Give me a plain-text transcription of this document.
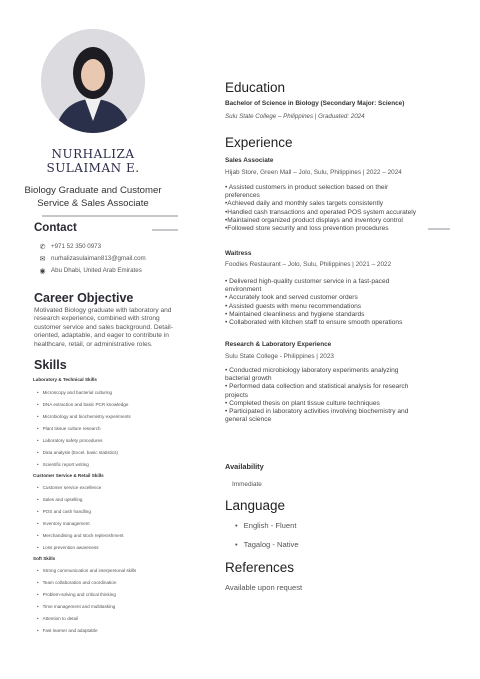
NURHALIZA
SULAIMAN E.
Biology Graduate and Customer
Service & Sales Associate
Contact
✆ +971 52 350 0973
✉ nurhalizasulaiman813@gmail.com
◉ Abu Dhabi, United Arab Emirates
Career Objective
Motivated Biology graduate with laboratory and
research experience, combined with strong
customer service and sales background. Detail-
oriented, adaptable, and eager to contribute in
healthcare, retail, or administrative roles.
Skills
Laboratory & Technical Skills
• Microscopy and bacterial culturing
• DNA extraction and basic PCR knowledge
• Microbiology and biochemistry experiments
• Plant tissue culture research
• Laboratory safety procedures
• Data analysis (Excel, basic statistics)
• Scientific report writing
Customer Service & Retail Skills
• Customer service excellence
• Sales and upselling
• POS and cash handling
• Inventory management
• Merchandising and stock replenishment
• Loss prevention awareness
Soft Skills
• Strong communication and interpersonal skills
• Team collaboration and coordination
• Problem-solving and critical thinking
• Time management and multitasking
• Attention to detail
• Fast learner and adaptable
Education
Bachelor of Science in Biology (Secondary Major: Science)
Sulu State College – Philippines | Graduated: 2024
Experience
Sales Associate
Hijab Store, Green Mall – Jolo, Sulu, Philippines | 2022 – 2024
• Assisted customers in product selection based on their
preferences
•Achieved daily and monthly sales targets consistently
•Handled cash transactions and operated POS system accurately
•Maintained organized product displays and inventory control
•Followed store security and loss prevention procedures
Waitress
Foodies Restaurant – Jolo, Sulu, Philippines | 2021 – 2022
• Delivered high-quality customer service in a fast-paced
environment
• Accurately took and served customer orders
• Assisted guests with menu recommendations
• Maintained cleanliness and hygiene standards
• Collaborated with kitchen staff to ensure smooth operations
Research & Laboratory Experience
Sulu State College - Philippines | 2023
• Conducted microbiology laboratory experiments analyzing
bacterial growth
• Performed data collection and statistical analysis for research
projects
• Completed thesis on plant tissue culture techniques
• Participated in laboratory activities involving biochemistry and
general science
Availability
Immediate
Language
• English - Fluent
• Tagalog - Native
References
Available upon request
